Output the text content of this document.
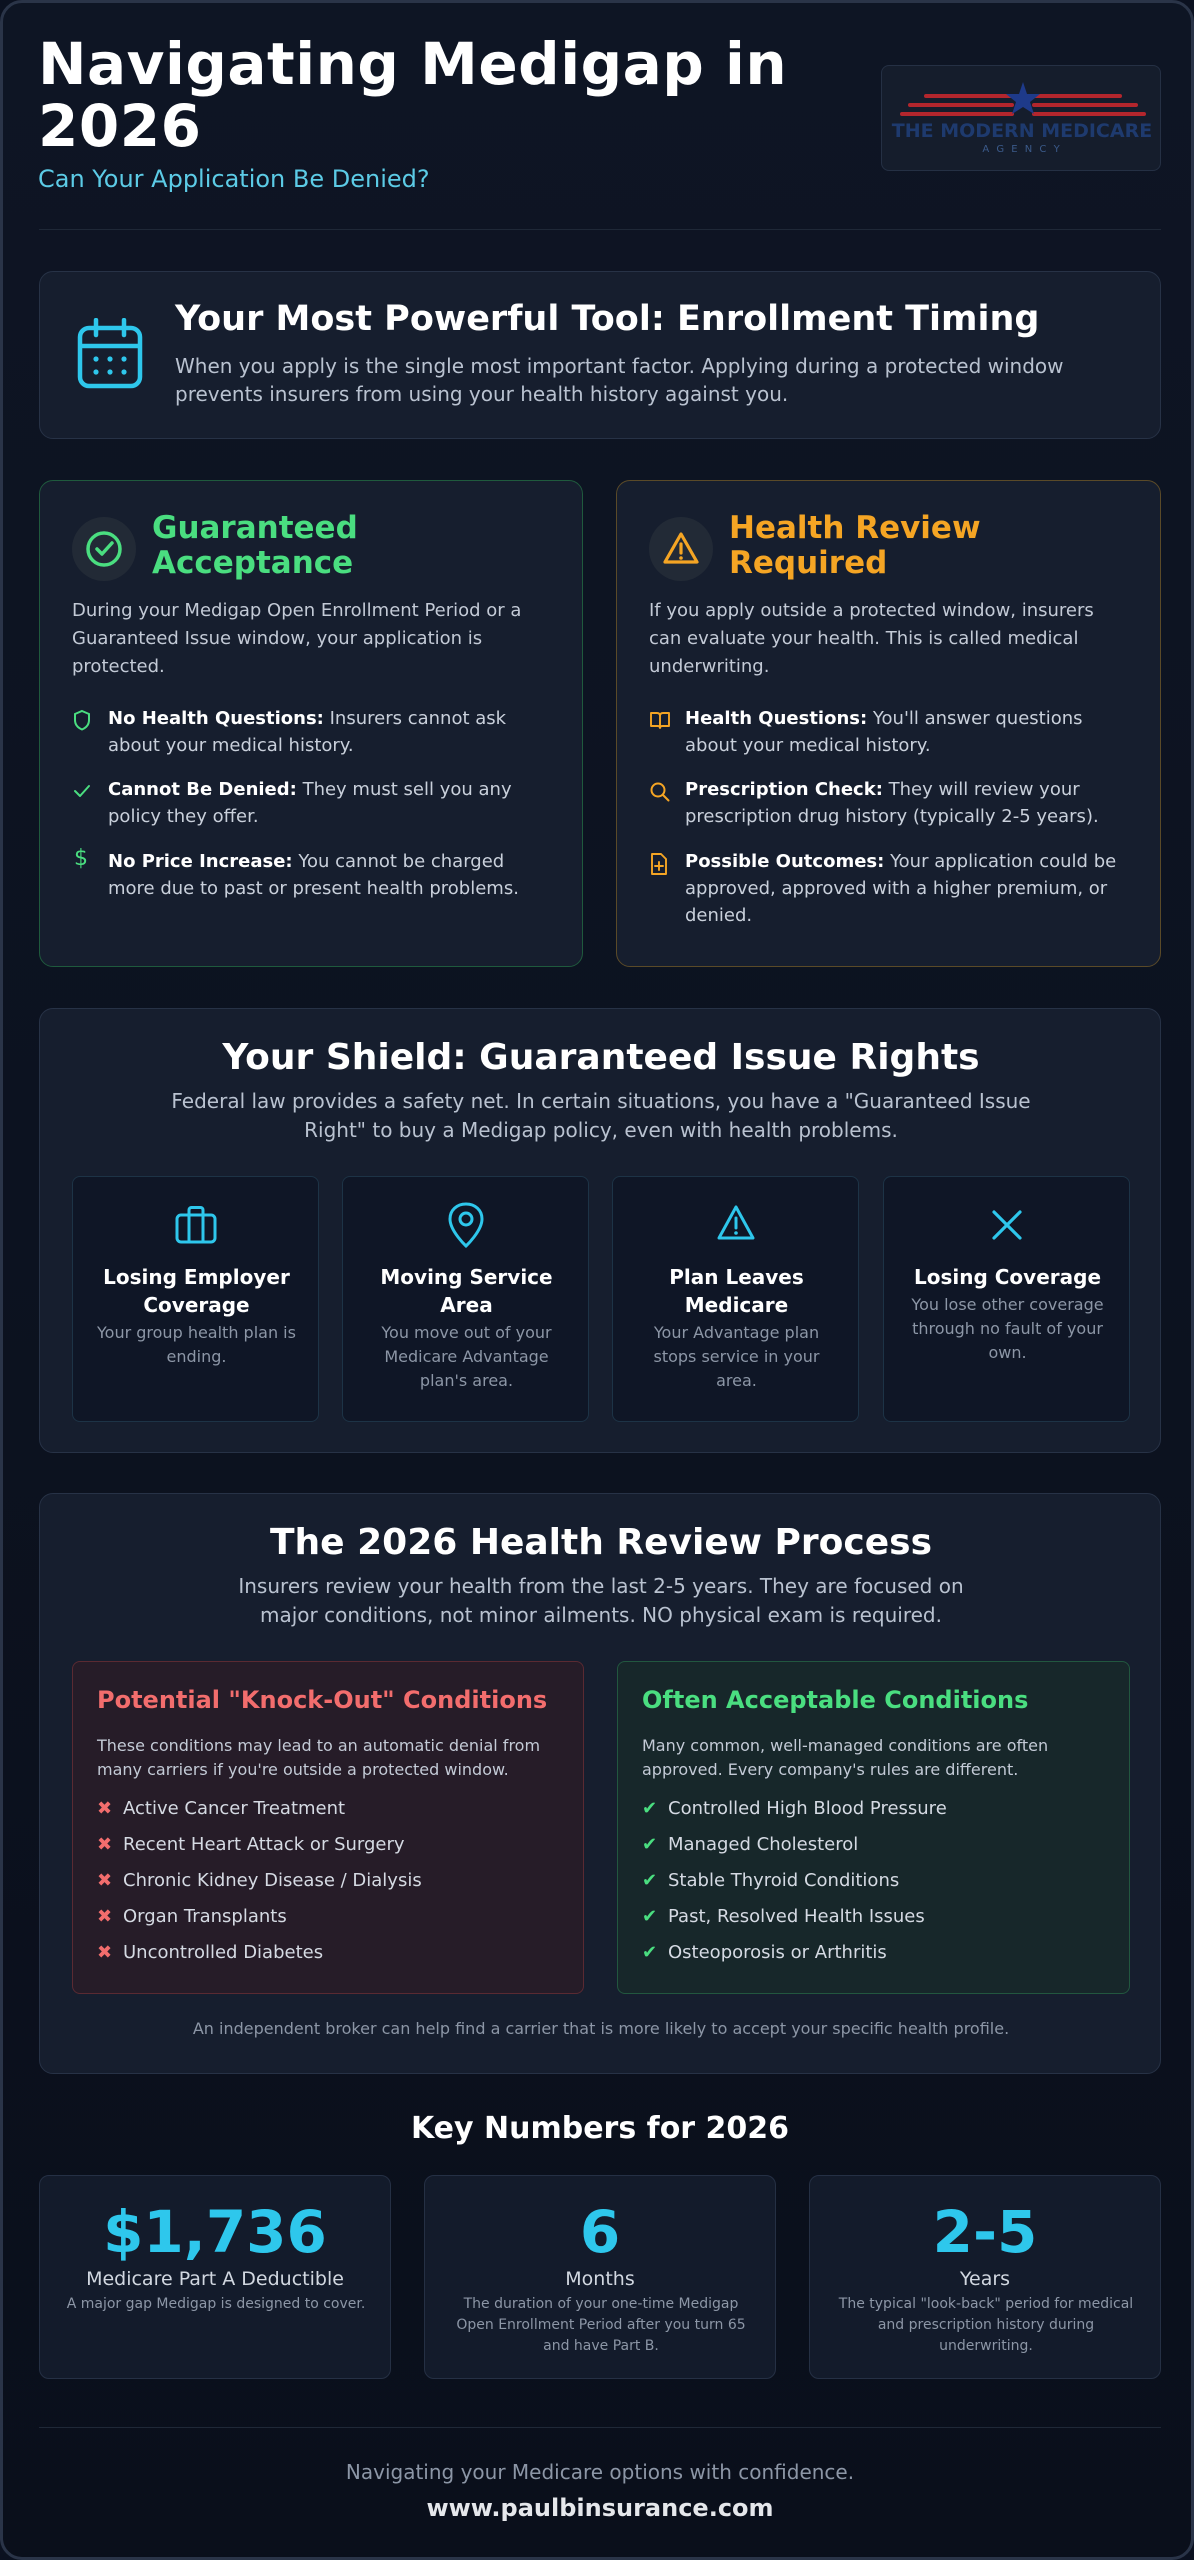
Navigating Medigap in 2026
Can Your Application Be Denied?
THE MODERN MEDICARE
A G E N C Y
Your Most Powerful Tool: Enrollment Timing

When you apply is the single most important factor. Applying during a protected window prevents insurers from using your health history against you.

Guaranteed Acceptance

During your Medigap Open Enrollment Period or a Guaranteed Issue window, your application is protected.

No Health Questions: Insurers cannot ask about your medical history.

Cannot Be Denied: They must sell you any policy they offer.

$ No Price Increase: You cannot be charged more due to past or present health problems.

Health Review Required

If you apply outside a protected window, insurers can evaluate your health. This is called medical underwriting.

Health Questions: You'll answer questions about your medical history.

Prescription Check: They will review your prescription drug history (typically 2-5 years).

Possible Outcomes: Your application could be approved, approved with a higher premium, or denied.

Your Shield: Guaranteed Issue Rights

Federal law provides a safety net. In certain situations, you have a "Guaranteed Issue Right" to buy a Medigap policy, even with health problems.

Losing Employer Coverage
Your group health plan is ending.
Moving Service Area
You move out of your Medicare Advantage plan's area.
Plan Leaves Medicare
Your Advantage plan stops service in your area.
Losing Coverage
You lose other coverage through no fault of your own.
The 2026 Health Review Process

Insurers review your health from the last 2-5 years. They are focused on major conditions, not minor ailments. NO physical exam is required.

Potential "Knock-Out" Conditions

These conditions may lead to an automatic denial from many carriers if you're outside a protected window.

✖ Active Cancer Treatment
✖ Recent Heart Attack or Surgery
✖ Chronic Kidney Disease / Dialysis
✖ Organ Transplants
✖ Uncontrolled Diabetes
Often Acceptable Conditions

Many common, well-managed conditions are often approved. Every company's rules are different.

✔ Controlled High Blood Pressure
✔ Managed Cholesterol
✔ Stable Thyroid Conditions
✔ Past, Resolved Health Issues
✔ Osteoporosis or Arthritis

An independent broker can help find a carrier that is more likely to accept your specific health profile.

Key Numbers for 2026
$1,736
Medicare Part A Deductible
A major gap Medigap is designed to cover.
6
Months
The duration of your one-time Medigap Open Enrollment Period after you turn 65 and have Part B.
2-5
Years
The typical "look-back" period for medical and prescription history during underwriting.
Navigating your Medicare options with confidence.
www.paulbinsurance.com
